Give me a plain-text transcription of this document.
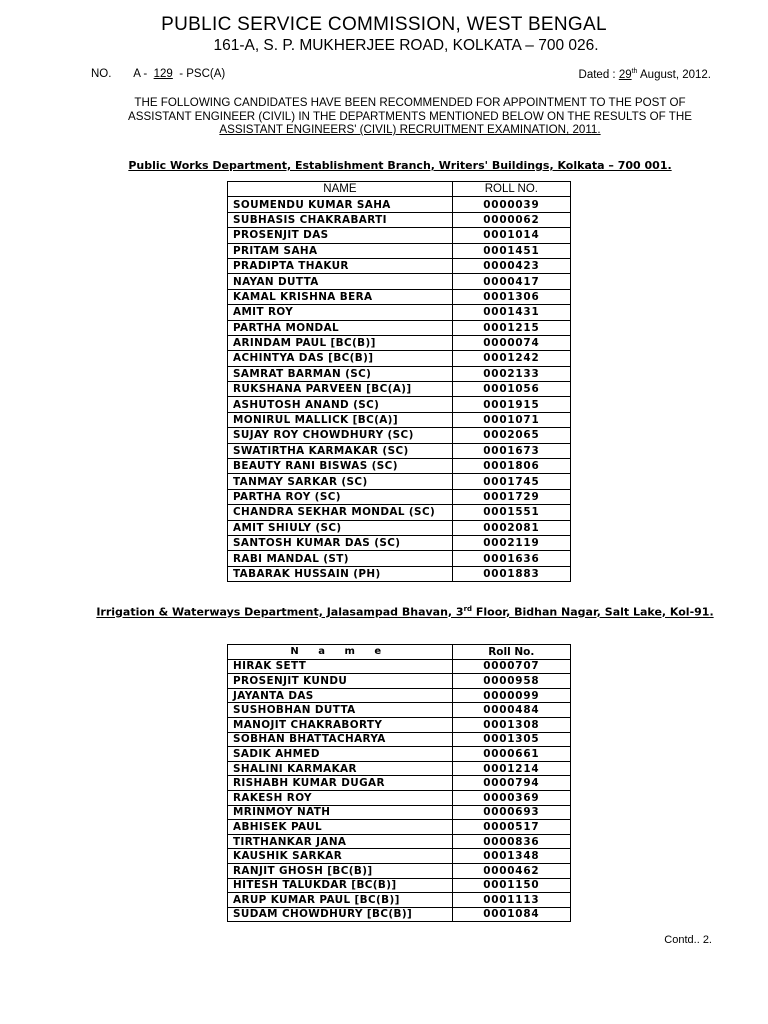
PUBLIC SERVICE COMMISSION, WEST BENGAL
161-A, S. P. MUKHERJEE ROAD, KOLKATA – 700 026.
NO. A - 129 - PSC(A)	Dated : 29th August, 2012.
THE FOLLOWING CANDIDATES HAVE BEEN RECOMMENDED FOR APPOINTMENT TO THE POST OF
ASSISTANT ENGINEER (CIVIL) IN THE DEPARTMENTS MENTIONED BELOW ON THE RESULTS OF THE
ASSISTANT ENGINEERS' (CIVIL) RECRUITMENT EXAMINATION, 2011.
Public Works Department, Establishment Branch, Writers' Buildings, Kolkata – 700 001.
NAME	ROLL NO.
SOUMENDU KUMAR SAHA	0000039
SUBHASIS CHAKRABARTI	0000062
PROSENJIT DAS	0001014
PRITAM SAHA	0001451
PRADIPTA THAKUR	0000423
NAYAN DUTTA	0000417
KAMAL KRISHNA BERA	0001306
AMIT ROY	0001431
PARTHA MONDAL	0001215
ARINDAM PAUL [BC(B)]	0000074
ACHINTYA DAS [BC(B)]	0001242
SAMRAT BARMAN (SC)	0002133
RUKSHANA PARVEEN [BC(A)]	0001056
ASHUTOSH ANAND (SC)	0001915
MONIRUL MALLICK [BC(A)]	0001071
SUJAY ROY CHOWDHURY (SC)	0002065
SWATIRTHA KARMAKAR (SC)	0001673
BEAUTY RANI BISWAS (SC)	0001806
TANMAY SARKAR (SC)	0001745
PARTHA ROY (SC)	0001729
CHANDRA SEKHAR MONDAL (SC)	0001551
AMIT SHIULY (SC)	0002081
SANTOSH KUMAR DAS (SC)	0002119
RABI MANDAL (ST)	0001636
TABARAK HUSSAIN (PH)	0001883
Irrigation & Waterways Department, Jalasampad Bhavan, 3rd Floor, Bidhan Nagar, Salt Lake, Kol-91.
N a m e	Roll No.
HIRAK SETT	0000707
PROSENJIT KUNDU	0000958
JAYANTA DAS	0000099
SUSHOBHAN DUTTA	0000484
MANOJIT CHAKRABORTY	0001308
SOBHAN BHATTACHARYA	0001305
SADIK AHMED	0000661
SHALINI KARMAKAR	0001214
RISHABH KUMAR DUGAR	0000794
RAKESH ROY	0000369
MRINMOY NATH	0000693
ABHISEK PAUL	0000517
TIRTHANKAR JANA	0000836
KAUSHIK SARKAR	0001348
RANJIT GHOSH [BC(B)]	0000462
HITESH TALUKDAR [BC(B)]	0001150
ARUP KUMAR PAUL [BC(B)]	0001113
SUDAM CHOWDHURY [BC(B)]	0001084
Contd.. 2.
